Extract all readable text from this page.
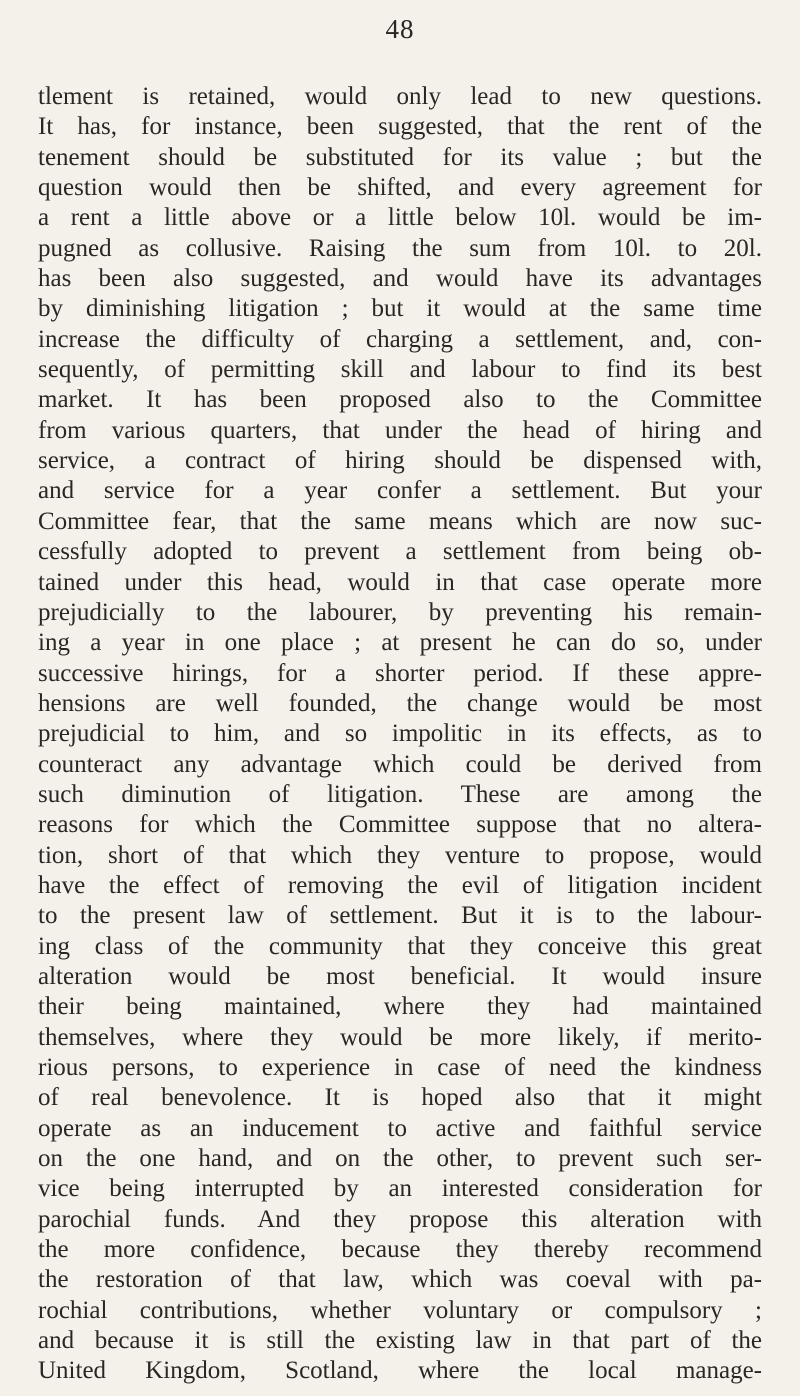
48
tlement is retained, would only lead to new questions.
It has, for instance, been suggested, that the rent of the
tenement should be substituted for its value ; but the
question would then be shifted, and every agreement for
a rent a little above or a little below 10l. would be im-
pugned as collusive. Raising the sum from 10l. to 20l.
has been also suggested, and would have its advantages
by diminishing litigation ; but it would at the same time
increase the difficulty of charging a settlement, and, con-
sequently, of permitting skill and labour to find its best
market. It has been proposed also to the Committee
from various quarters, that under the head of hiring and
service, a contract of hiring should be dispensed with,
and service for a year confer a settlement. But your
Committee fear, that the same means which are now suc-
cessfully adopted to prevent a settlement from being ob-
tained under this head, would in that case operate more
prejudicially to the labourer, by preventing his remain-
ing a year in one place ; at present he can do so, under
successive hirings, for a shorter period. If these appre-
hensions are well founded, the change would be most
prejudicial to him, and so impolitic in its effects, as to
counteract any advantage which could be derived from
such diminution of litigation. These are among the
reasons for which the Committee suppose that no altera-
tion, short of that which they venture to propose, would
have the effect of removing the evil of litigation incident
to the present law of settlement. But it is to the labour-
ing class of the community that they conceive this great
alteration would be most beneficial. It would insure
their being maintained, where they had maintained
themselves, where they would be more likely, if merito-
rious persons, to experience in case of need the kindness
of real benevolence. It is hoped also that it might
operate as an inducement to active and faithful service
on the one hand, and on the other, to prevent such ser-
vice being interrupted by an interested consideration for
parochial funds. And they propose this alteration with
the more confidence, because they thereby recommend
the restoration of that law, which was coeval with pa-
rochial contributions, whether voluntary or compulsory ;
and because it is still the existing law in that part of the
United Kingdom, Scotland, where the local manage-
